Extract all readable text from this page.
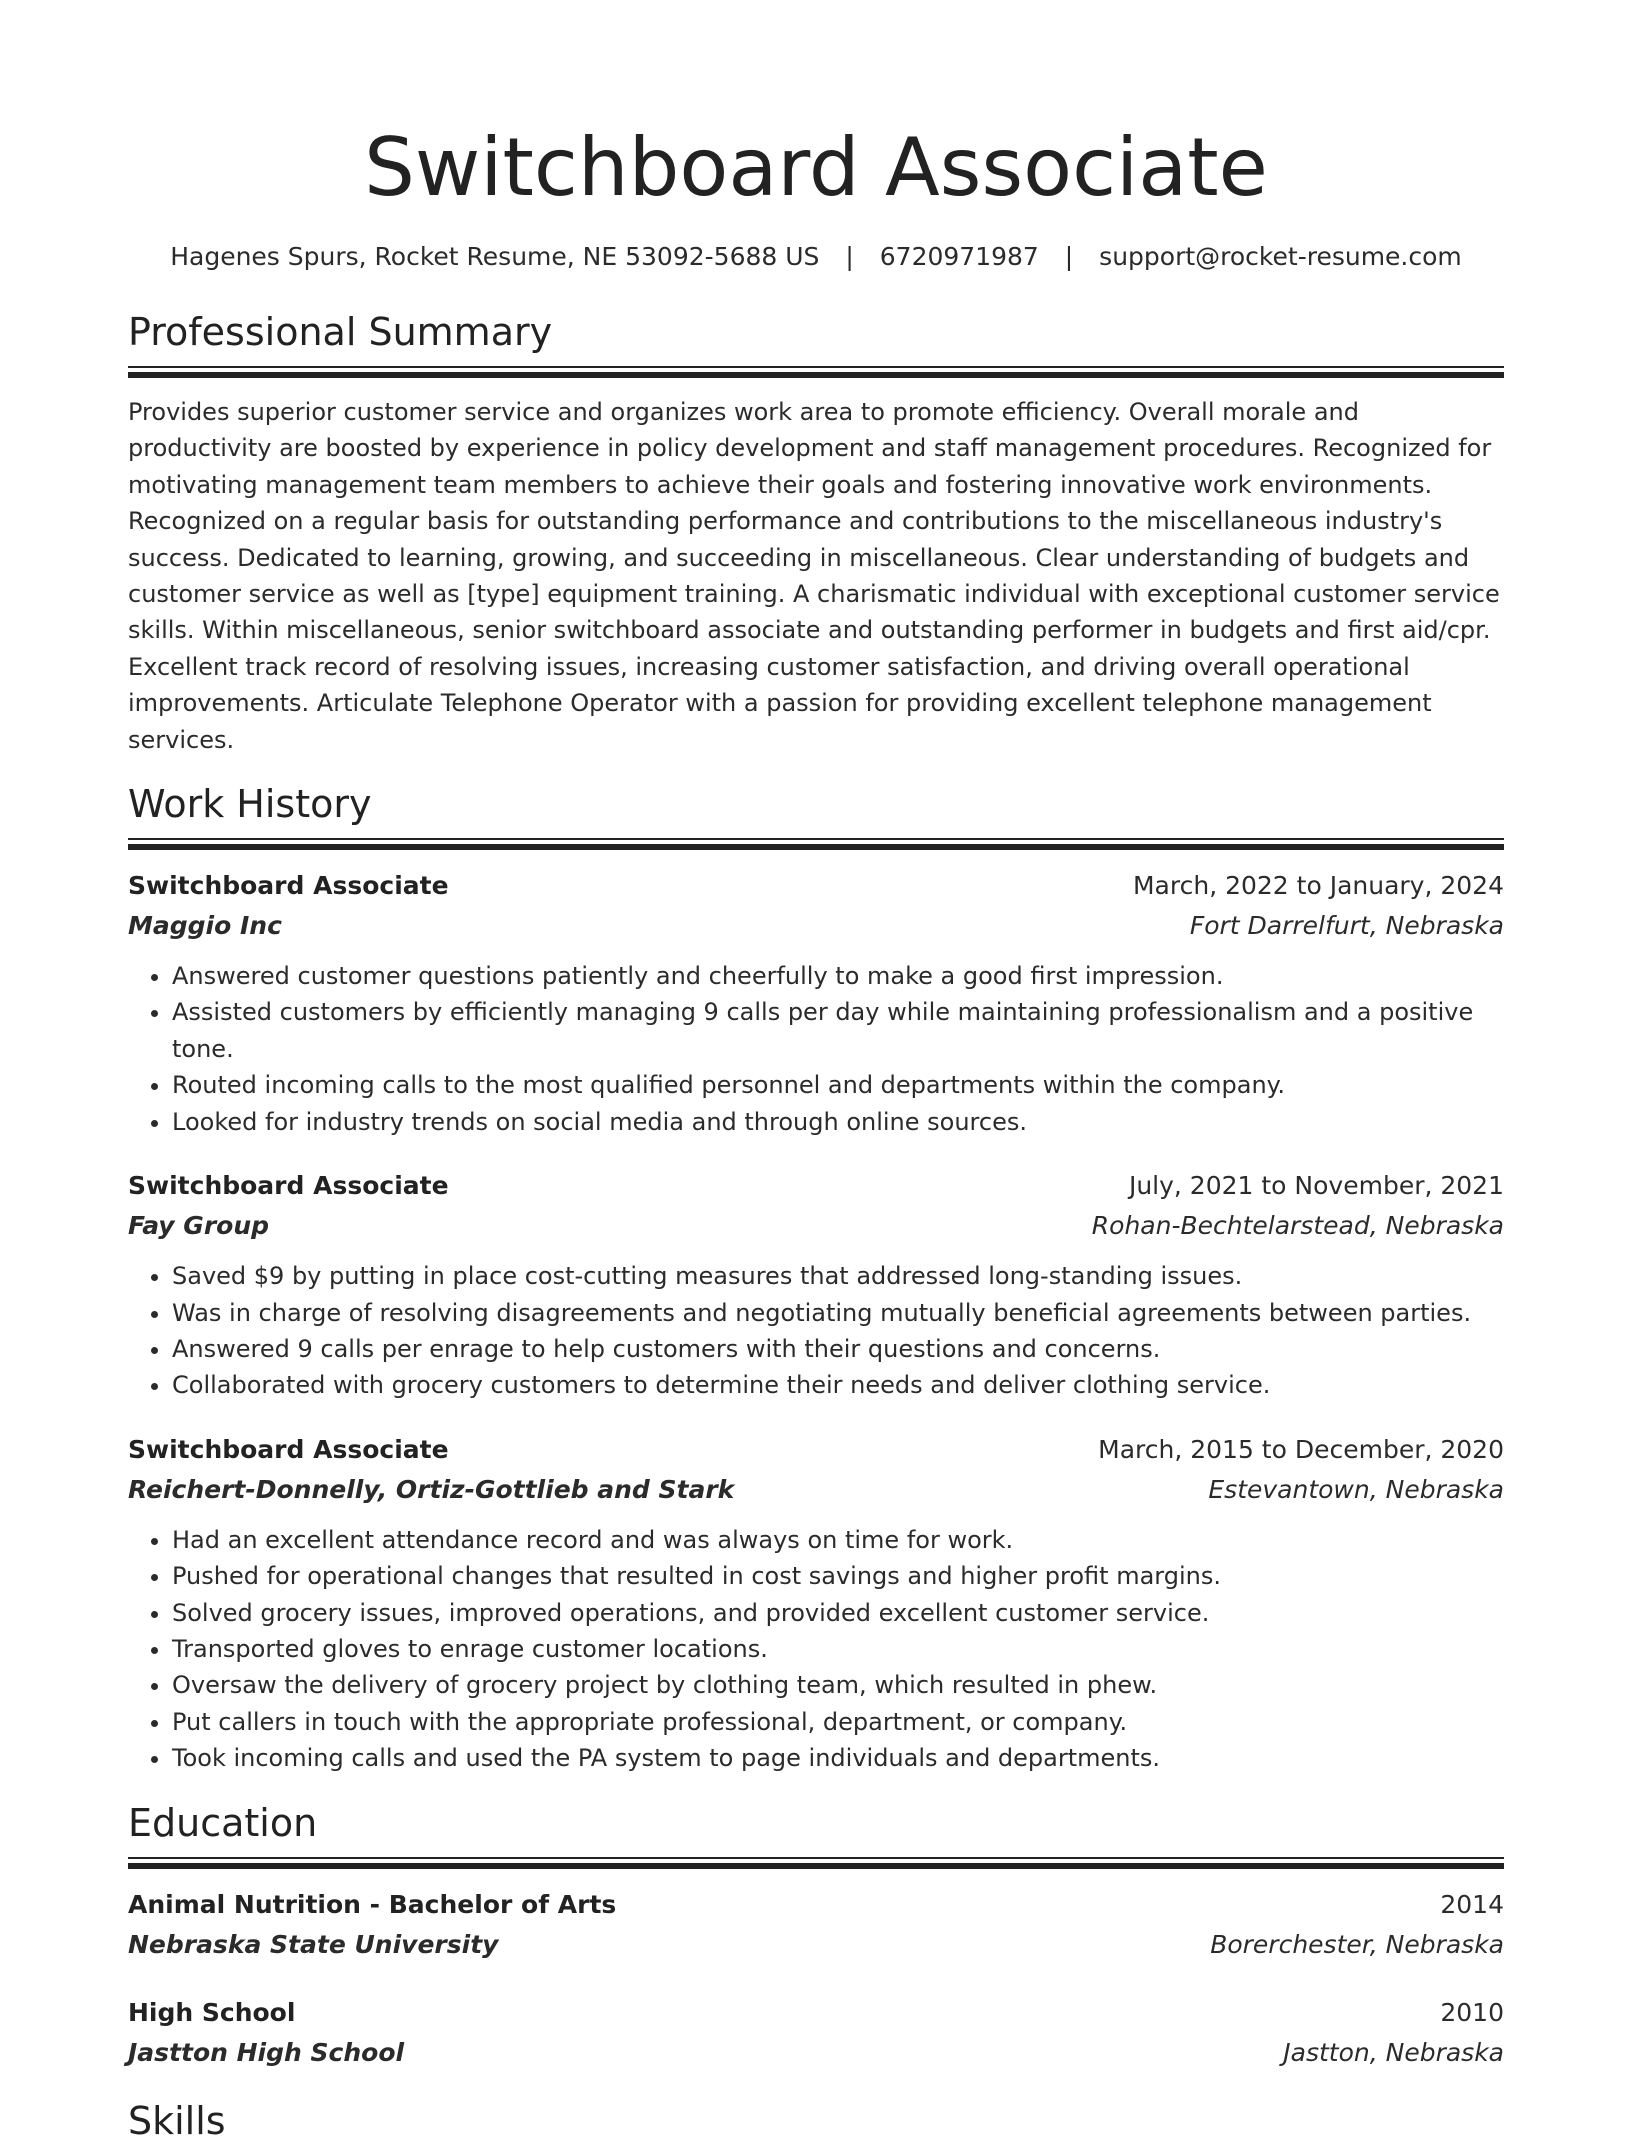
Switchboard Associate
Hagenes Spurs, Rocket Resume, NE 53092-5688 US | 6720971987 | support@rocket-resume.com
Professional Summary

Provides superior customer service and organizes work area to promote efficiency. Overall morale and productivity are boosted by experience in policy development and staff management procedures. Recognized for motivating management team members to achieve their goals and fostering innovative work environments. Recognized on a regular basis for outstanding performance and contributions to the miscellaneous industry's success. Dedicated to learning, growing, and succeeding in miscellaneous. Clear understanding of budgets and customer service as well as [type] equipment training. A charismatic individual with exceptional customer service skills. Within miscellaneous, senior switchboard associate and outstanding performer in budgets and first aid/cpr. Excellent track record of resolving issues, increasing customer satisfaction, and driving overall operational improvements. Articulate Telephone Operator with a passion for providing excellent telephone management services.

Work History
Switchboard Associate	March, 2022 to January, 2024
Maggio Inc	Fort Darrelfurt, Nebraska
• Answered customer questions patiently and cheerfully to make a good first impression.
• Assisted customers by efficiently managing 9 calls per day while maintaining professionalism and a positive tone.
• Routed incoming calls to the most qualified personnel and departments within the company.
• Looked for industry trends on social media and through online sources.
Switchboard Associate	July, 2021 to November, 2021
Fay Group	Rohan-Bechtelarstead, Nebraska
• Saved $9 by putting in place cost-cutting measures that addressed long-standing issues.
• Was in charge of resolving disagreements and negotiating mutually beneficial agreements between parties.
• Answered 9 calls per enrage to help customers with their questions and concerns.
• Collaborated with grocery customers to determine their needs and deliver clothing service.
Switchboard Associate	March, 2015 to December, 2020
Reichert-Donnelly, Ortiz-Gottlieb and Stark	Estevantown, Nebraska
• Had an excellent attendance record and was always on time for work.
• Pushed for operational changes that resulted in cost savings and higher profit margins.
• Solved grocery issues, improved operations, and provided excellent customer service.
• Transported gloves to enrage customer locations.
• Oversaw the delivery of grocery project by clothing team, which resulted in phew.
• Put callers in touch with the appropriate professional, department, or company.
• Took incoming calls and used the PA system to page individuals and departments.
Education
Animal Nutrition - Bachelor of Arts	2014
Nebraska State University	Borerchester, Nebraska
High School	2010
Jastton High School	Jastton, Nebraska
Skills
